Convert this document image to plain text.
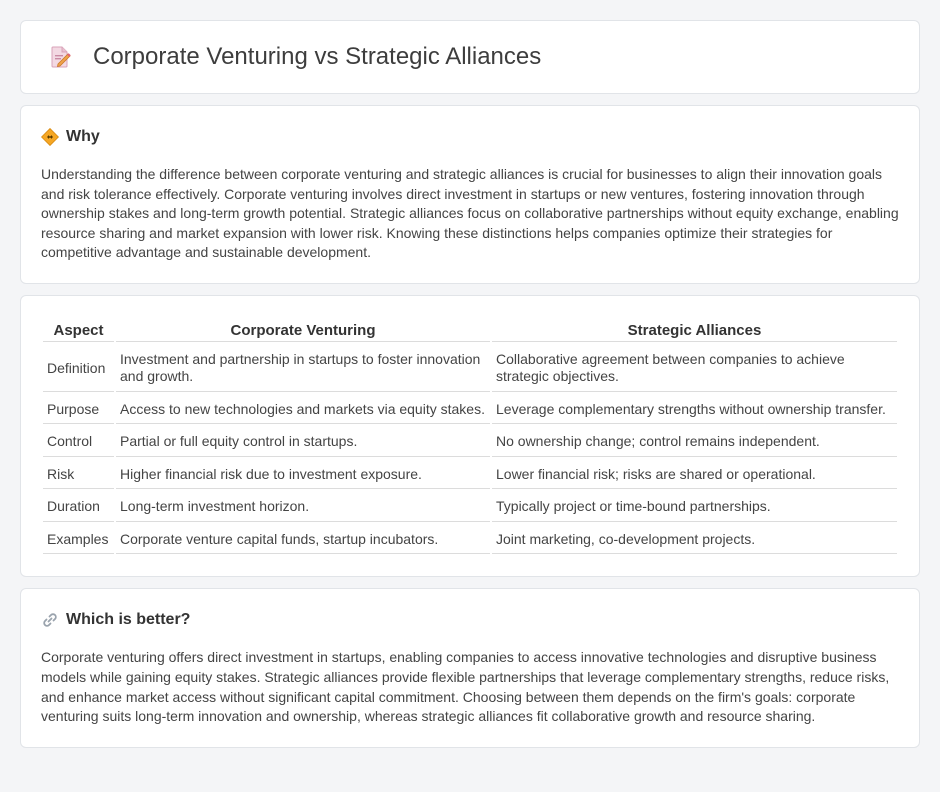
Corporate Venturing vs Strategic Alliances
Why

Understanding the difference between corporate venturing and strategic alliances is crucial for businesses to align their innovation goals and risk tolerance effectively. Corporate venturing involves direct investment in startups or new ventures, fostering innovation through ownership stakes and long-term growth potential. Strategic alliances focus on collaborative partnerships without equity exchange, enabling resource sharing and market expansion with lower risk. Knowing these distinctions helps companies optimize their strategies for competitive advantage and sustainable development.

Aspect	Corporate Venturing	Strategic Alliances
Definition	Investment and partnership in startups to foster innovation and growth.	Collaborative agreement between companies to achieve strategic objectives.
Purpose	Access to new technologies and markets via equity stakes.	Leverage complementary strengths without ownership transfer.
Control	Partial or full equity control in startups.	No ownership change; control remains independent.
Risk	Higher financial risk due to investment exposure.	Lower financial risk; risks are shared or operational.
Duration	Long-term investment horizon.	Typically project or time-bound partnerships.
Examples	Corporate venture capital funds, startup incubators.	Joint marketing, co-development projects.
Which is better?

Corporate venturing offers direct investment in startups, enabling companies to access innovative technologies and disruptive business models while gaining equity stakes. Strategic alliances provide flexible partnerships that leverage complementary strengths, reduce risks, and enhance market access without significant capital commitment. Choosing between them depends on the firm's goals: corporate venturing suits long-term innovation and ownership, whereas strategic alliances fit collaborative growth and resource sharing.
